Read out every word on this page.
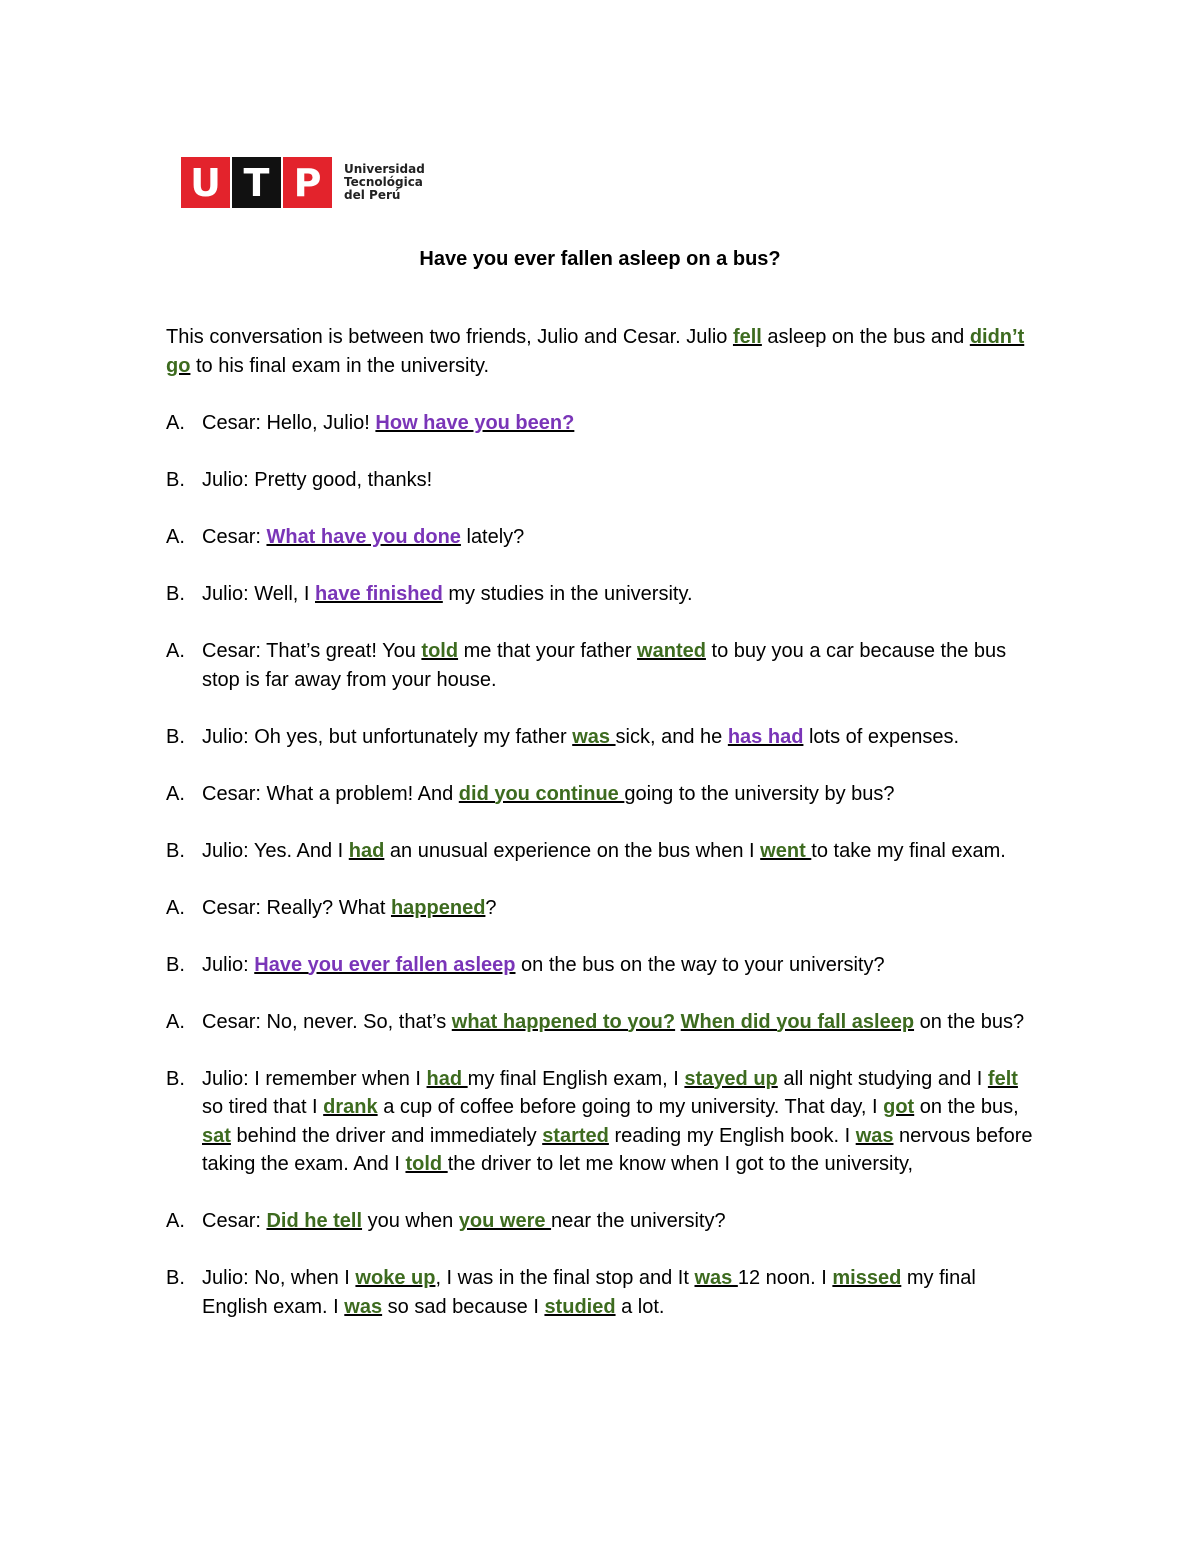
U T P	Universidad
Tecnológica
del Perú
Have you ever fallen asleep on a bus?

This conversation is between two friends, Julio and Cesar. Julio fell asleep on the bus and didn’t go to his final exam in the university.

A. Cesar: Hello, Julio! How have you been?
B. Julio: Pretty good, thanks!
A. Cesar: What have you done lately?
B. Julio: Well, I have finished my studies in the university.
A. Cesar: That’s great! You told me that your father wanted to buy you a car because the bus stop is far away from your house.
B. Julio: Oh yes, but unfortunately my father was sick, and he has had lots of expenses.
A. Cesar: What a problem! And did you continue going to the university by bus?
B. Julio: Yes. And I had an unusual experience on the bus when I went to take my final exam.
A. Cesar: Really? What happened?
B. Julio: Have you ever fallen asleep on the bus on the way to your university?
A. Cesar: No, never. So, that’s what happened to you? When did you fall asleep on the bus?
B. Julio: I remember when I had my final English exam, I stayed up all night studying and I felt so tired that I drank a cup of coffee before going to my university. That day, I got on the bus, sat behind the driver and immediately started reading my English book. I was nervous before taking the exam. And I told the driver to let me know when I got to the university,
A. Cesar: Did he tell you when you were near the university?
B. Julio: No, when I woke up, I was in the final stop and It was 12 noon. I missed my final English exam. I was so sad because I studied a lot.
